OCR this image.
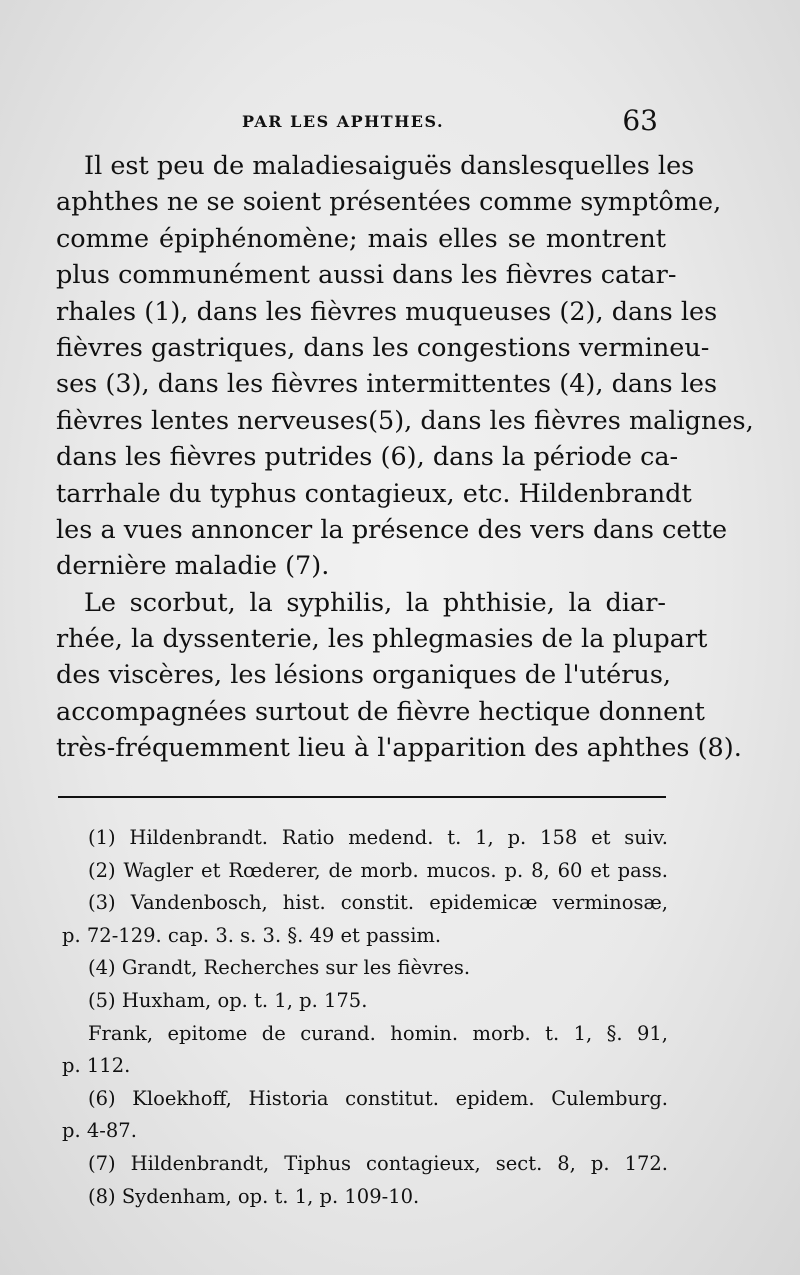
PAR LES APHTHES.	63
Il est peu de maladiesaiguës danslesquelles les
aphthes ne se soient présentées comme symptôme,
comme épiphénomène; mais elles se montrent
plus communément aussi dans les fièvres catar-
rhales (1), dans les fièvres muqueuses (2), dans les
fièvres gastriques, dans les congestions vermineu-
ses (3), dans les fièvres intermittentes (4), dans les
fièvres lentes nerveuses(5), dans les fièvres malignes,
dans les fièvres putrides (6), dans la période ca-
tarrhale du typhus contagieux, etc. Hildenbrandt
les a vues annoncer la présence des vers dans cette
dernière maladie (7).
Le scorbut, la syphilis, la phthisie, la diar-
rhée, la dyssenterie, les phlegmasies de la plupart
des viscères, les lésions organiques de l'utérus,
accompagnées surtout de fièvre hectique donnent
très-fréquemment lieu à l'apparition des aphthes (8).
(1) Hildenbrandt. Ratio medend. t. 1, p. 158 et suiv.
(2) Wagler et Rœderer, de morb. mucos. p. 8, 60 et pass.
(3) Vandenbosch, hist. constit. epidemicæ verminosæ,
p. 72-129. cap. 3. s. 3. §. 49 et passim.
(4) Grandt, Recherches sur les fièvres.
(5) Huxham, op. t. 1, p. 175.
Frank, epitome de curand. homin. morb. t. 1, §. 91,
p. 112.
(6) Kloekhoff, Historia constitut. epidem. Culemburg.
p. 4-87.
(7) Hildenbrandt, Tiphus contagieux, sect. 8, p. 172.
(8) Sydenham, op. t. 1, p. 109-10.
